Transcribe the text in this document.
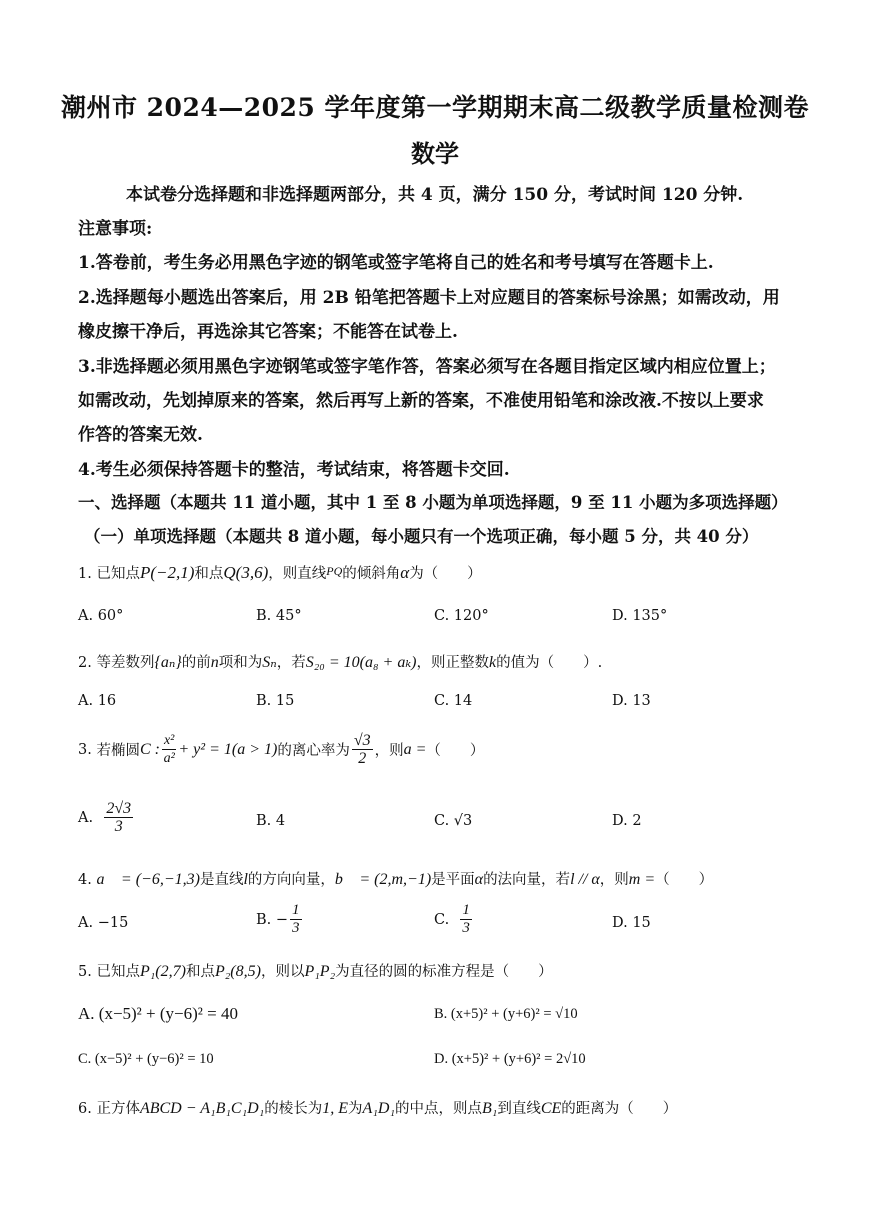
潮州市 2024—2025 学年度第一学期期末高二级教学质量检测卷
数学
本试卷分选择题和非选择题两部分，共 4 页，满分 150 分，考试时间 120 分钟.
注意事项:
1.答卷前，考生务必用黑色字迹的钢笔或签字笔将自己的姓名和考号填写在答题卡上.
2.选择题每小题选出答案后，用 2B 铅笔把答题卡上对应题目的答案标号涂黑；如需改动，用
橡皮擦干净后，再选涂其它答案；不能答在试卷上.
3.非选择题必须用黑色字迹钢笔或签字笔作答，答案必须写在各题目指定区域内相应位置上；
如需改动，先划掉原来的答案，然后再写上新的答案，不准使用铅笔和涂改液.不按以上要求
作答的答案无效.
4.考生必须保持答题卡的整洁，考试结束，将答题卡交回.
一、选择题（本题共 11 道小题，其中 1 至 8 小题为单项选择题，9 至 11 小题为多项选择题）
（一）单项选择题（本题共 8 道小题，每小题只有一个选项正确，每小题 5 分，共 40 分）
1. 已知点P(−2,1)和点Q(3,6)，则直线$^{PQ}$的倾斜角α为（　　）
A. 60°	B. 45°	C. 120°	D. 135°
2. 等差数列{aₙ}的前n项和为Sₙ，若S₂₀ = 10(a₈ + aₖ)，则正整数k的值为（　　）.
A. 16	B. 15	C. 14	D. 13
3.
若椭圆 C : $\frac{\text{x²}}{\text{a²}} + y^2 = 1(a > 1)$ 的离心率为 $\frac{√3}{2}$ ，则 a = （　　）
A.
$\frac{2√3}{3}$	B. 4	C. √3	D. 2
4. a⃗ = (−6,−1,3)是直线l的方向向量，b⃗ = (2,m,−1)是平面α的法向量，若l // α，则m =（　　）
A. −15	B. − $\frac{1}{3}$	C.
$\frac{1}{3}$	D. 15
5. 已知点P₁(2,7)和点P₂(8,5)，则以P₁P₂为直径的圆的标准方程是（　　）
A. (x−5)² + (y−6)² = 40	B. (x+5)² + (y+6)² = √10
C. (x−5)² + (y−6)² = 10	D. (x+5)² + (y+6)² = 2√10
6. 正方体ABCD − A₁B₁C₁D₁的棱长为1, E为A₁D₁的中点，则点B₁到直线CE的距离为（　　）
